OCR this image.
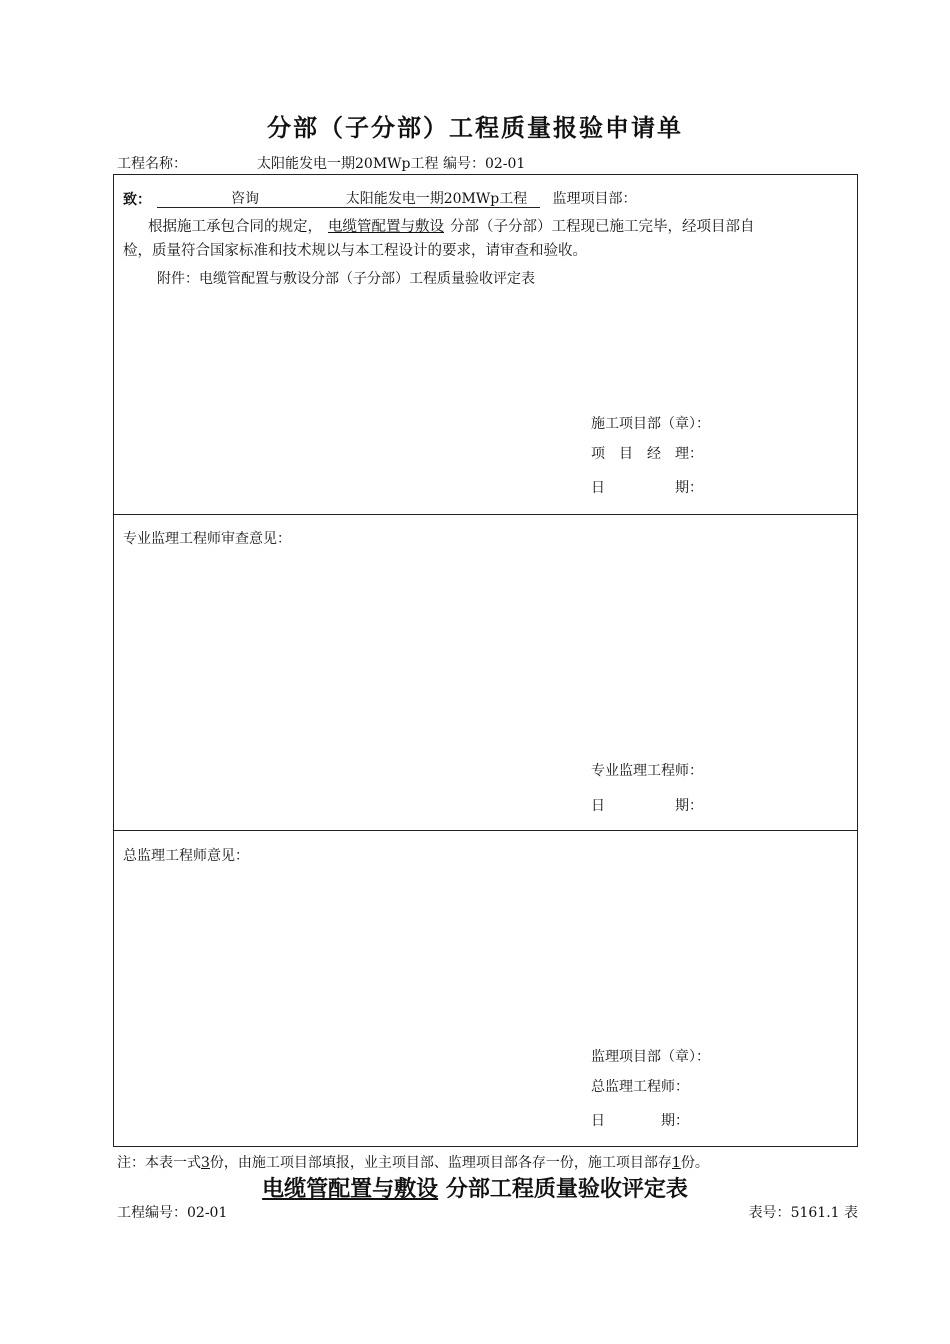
分部（子分部）工程质量报验申请单
工程名称：	太阳能发电一期20MWp工程 编号：02-01
致：	咨询	太阳能发电一期20MWp工程 监理项目部：
根据施工承包合同的规定， 电缆管配置与敷设 分部（子分部）工程现已施工完毕，经项目部自
检，质量符合国家标准和技术规以与本工程设计的要求，请审查和验收。
附件：电缆管配置与敷设分部（子分部）工程质量验收评定表
施工项目部（章）：
项　目　经　理：
日　　　　　期：
专业监理工程师审查意见：
专业监理工程师：
日　　　　　期：
总监理工程师意见：
监理项目部（章）：
总监理工程师：
日　　　　期：
注：本表一式3份，由施工项目部填报，业主项目部、监理项目部各存一份，施工项目部存1份。
电缆管配置与敷设 分部工程质量验收评定表
工程编号：02-01	表号：5161.1 表
